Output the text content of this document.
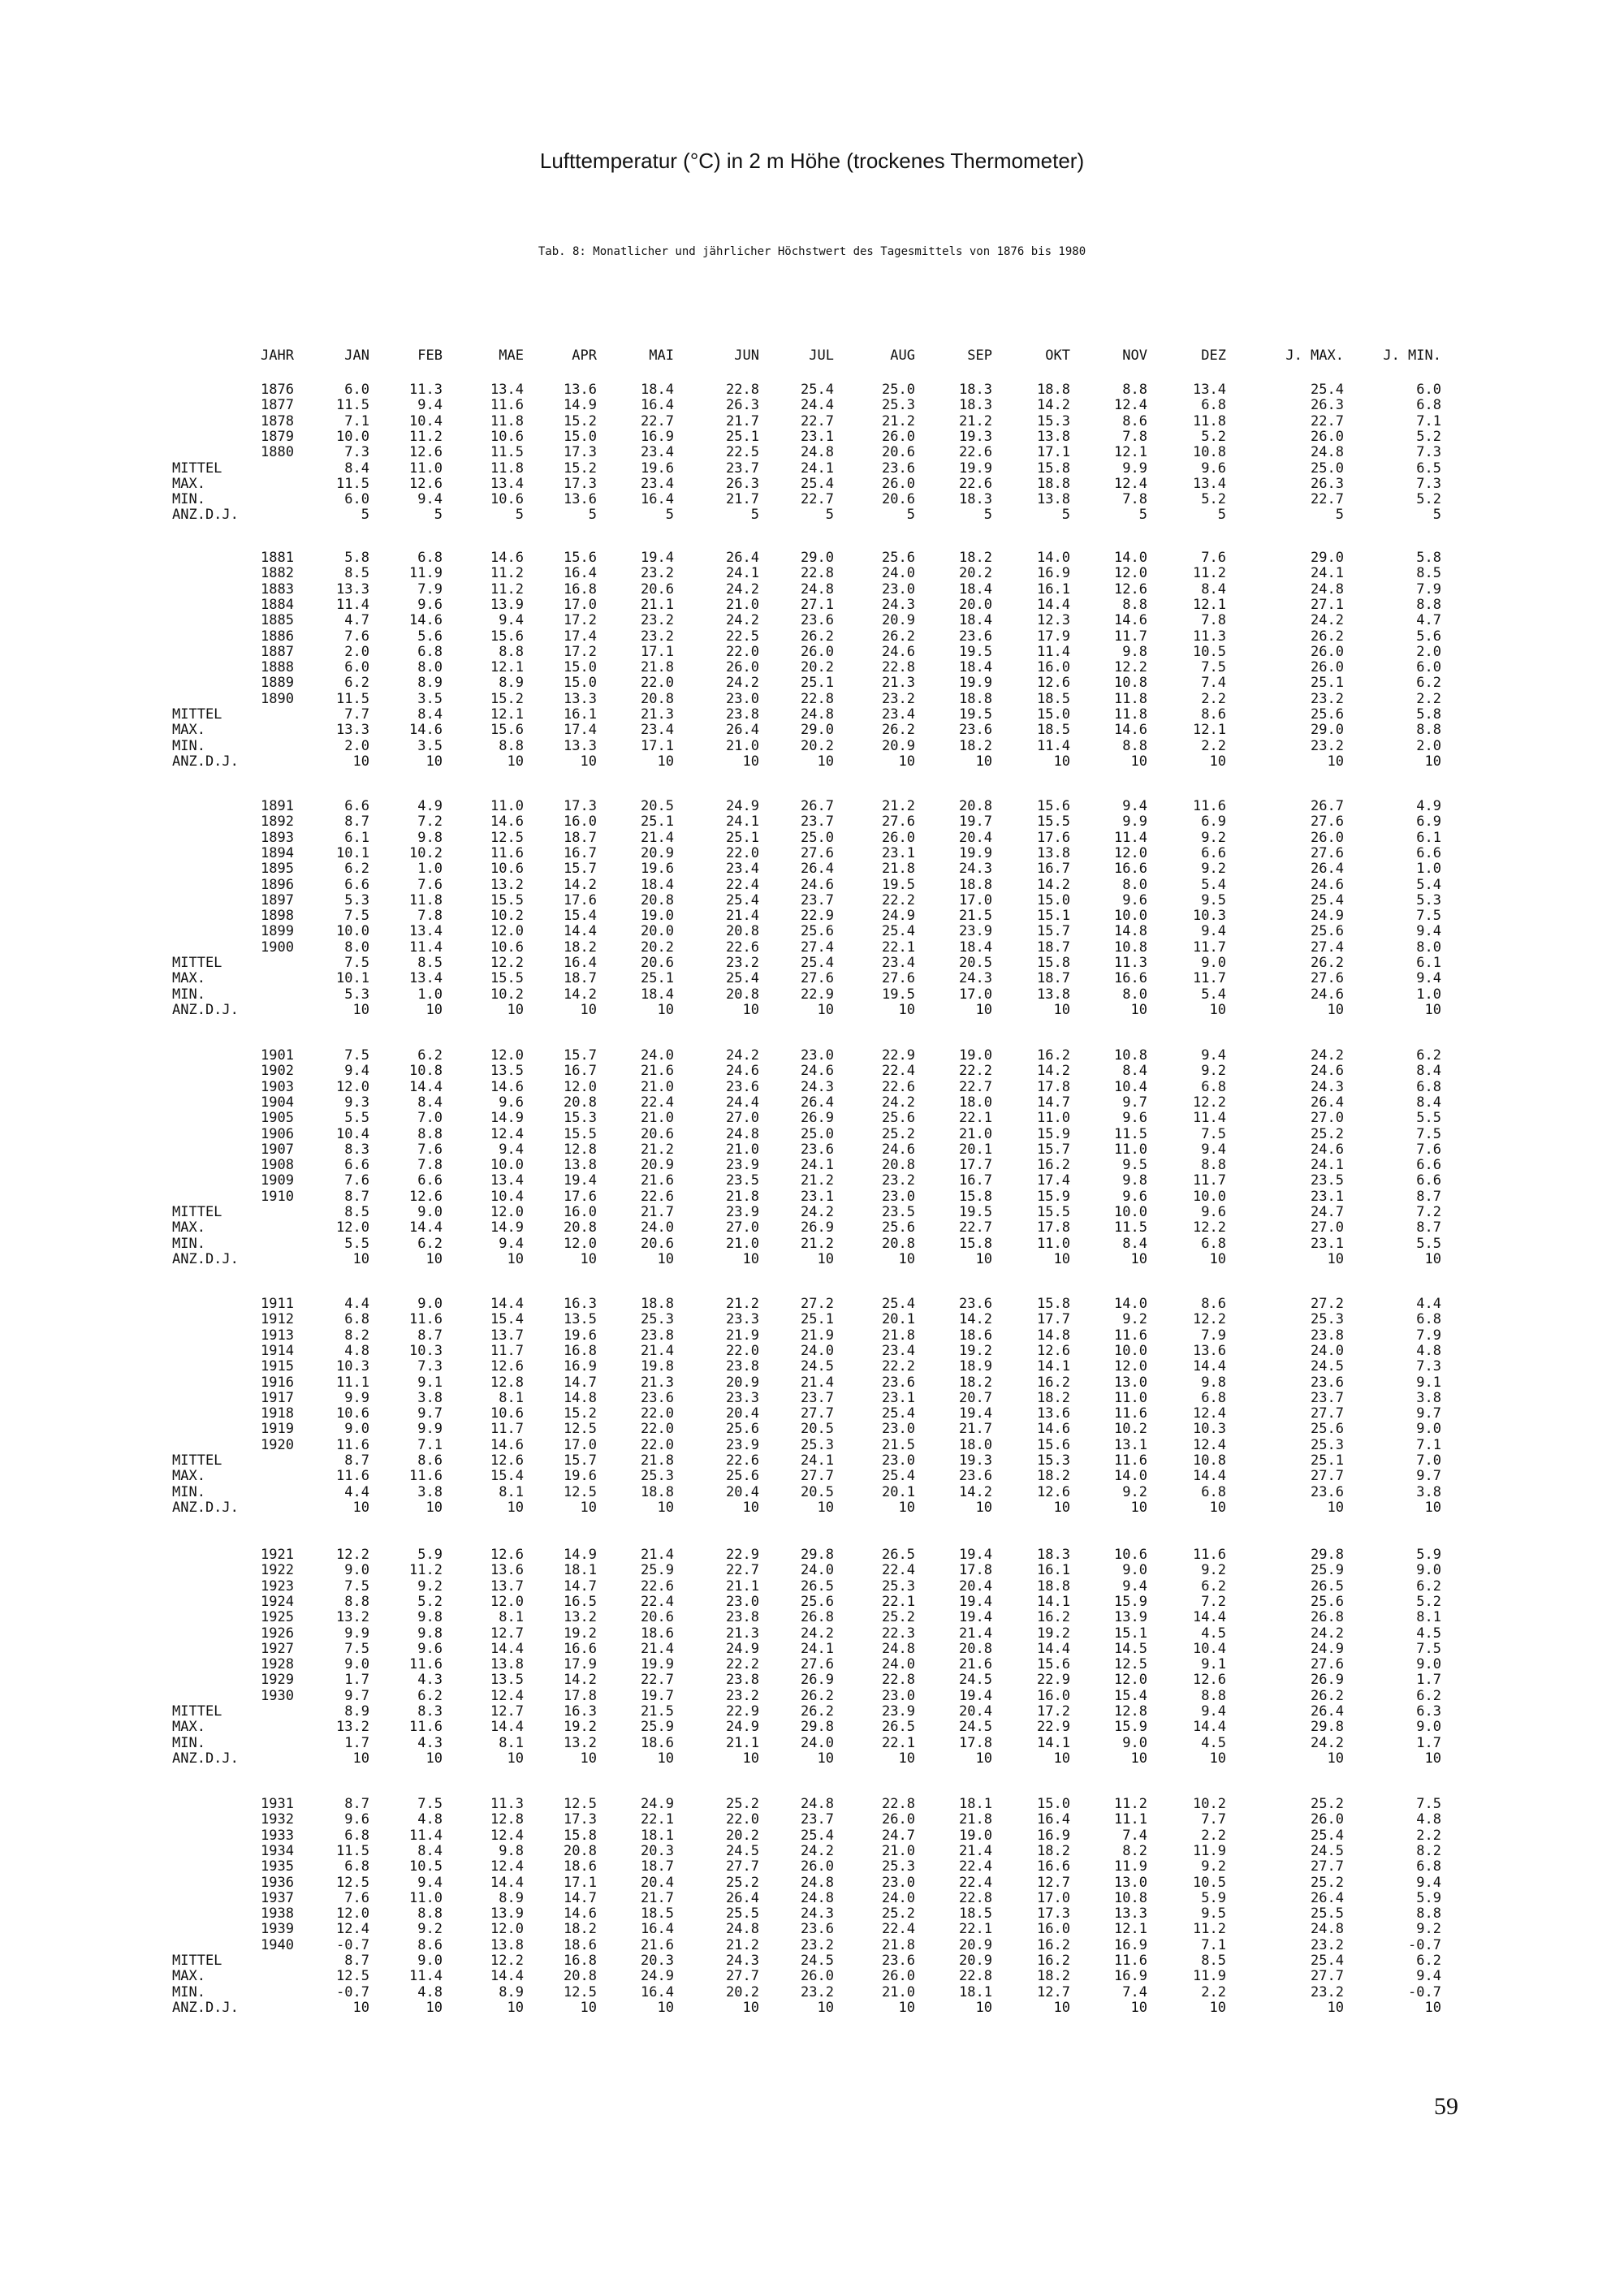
Lufttemperatur (°C) in 2 m Höhe (trockenes Thermometer)
Tab. 8: Monatlicher und jährlicher Höchstwert des Tagesmittels von 1876 bis 1980
JAHR	JAN	FEB	MAE	APR	MAI	JUN	JUL	AUG	SEP	OKT	NOV	DEZ	J. MAX.	J. MIN.
1876	6.0	11.3	13.4	13.6	18.4	22.8	25.4	25.0	18.3	18.8	8.8	13.4	25.4	6.0
1877	11.5	9.4	11.6	14.9	16.4	26.3	24.4	25.3	18.3	14.2	12.4	6.8	26.3	6.8
1878	7.1	10.4	11.8	15.2	22.7	21.7	22.7	21.2	21.2	15.3	8.6	11.8	22.7	7.1
1879	10.0	11.2	10.6	15.0	16.9	25.1	23.1	26.0	19.3	13.8	7.8	5.2	26.0	5.2
1880	7.3	12.6	11.5	17.3	23.4	22.5	24.8	20.6	22.6	17.1	12.1	10.8	24.8	7.3
MITTEL	8.4	11.0	11.8	15.2	19.6	23.7	24.1	23.6	19.9	15.8	9.9	9.6	25.0	6.5
MAX.	11.5	12.6	13.4	17.3	23.4	26.3	25.4	26.0	22.6	18.8	12.4	13.4	26.3	7.3
MIN.	6.0	9.4	10.6	13.6	16.4	21.7	22.7	20.6	18.3	13.8	7.8	5.2	22.7	5.2
ANZ.D.J.	5	5	5	5	5	5	5	5	5	5	5	5	5	5
1881	5.8	6.8	14.6	15.6	19.4	26.4	29.0	25.6	18.2	14.0	14.0	7.6	29.0	5.8
1882	8.5	11.9	11.2	16.4	23.2	24.1	22.8	24.0	20.2	16.9	12.0	11.2	24.1	8.5
1883	13.3	7.9	11.2	16.8	20.6	24.2	24.8	23.0	18.4	16.1	12.6	8.4	24.8	7.9
1884	11.4	9.6	13.9	17.0	21.1	21.0	27.1	24.3	20.0	14.4	8.8	12.1	27.1	8.8
1885	4.7	14.6	9.4	17.2	23.2	24.2	23.6	20.9	18.4	12.3	14.6	7.8	24.2	4.7
1886	7.6	5.6	15.6	17.4	23.2	22.5	26.2	26.2	23.6	17.9	11.7	11.3	26.2	5.6
1887	2.0	6.8	8.8	17.2	17.1	22.0	26.0	24.6	19.5	11.4	9.8	10.5	26.0	2.0
1888	6.0	8.0	12.1	15.0	21.8	26.0	20.2	22.8	18.4	16.0	12.2	7.5	26.0	6.0
1889	6.2	8.9	8.9	15.0	22.0	24.2	25.1	21.3	19.9	12.6	10.8	7.4	25.1	6.2
1890	11.5	3.5	15.2	13.3	20.8	23.0	22.8	23.2	18.8	18.5	11.8	2.2	23.2	2.2
MITTEL	7.7	8.4	12.1	16.1	21.3	23.8	24.8	23.4	19.5	15.0	11.8	8.6	25.6	5.8
MAX.	13.3	14.6	15.6	17.4	23.4	26.4	29.0	26.2	23.6	18.5	14.6	12.1	29.0	8.8
MIN.	2.0	3.5	8.8	13.3	17.1	21.0	20.2	20.9	18.2	11.4	8.8	2.2	23.2	2.0
ANZ.D.J.	10	10	10	10	10	10	10	10	10	10	10	10	10	10
1891	6.6	4.9	11.0	17.3	20.5	24.9	26.7	21.2	20.8	15.6	9.4	11.6	26.7	4.9
1892	8.7	7.2	14.6	16.0	25.1	24.1	23.7	27.6	19.7	15.5	9.9	6.9	27.6	6.9
1893	6.1	9.8	12.5	18.7	21.4	25.1	25.0	26.0	20.4	17.6	11.4	9.2	26.0	6.1
1894	10.1	10.2	11.6	16.7	20.9	22.0	27.6	23.1	19.9	13.8	12.0	6.6	27.6	6.6
1895	6.2	1.0	10.6	15.7	19.6	23.4	26.4	21.8	24.3	16.7	16.6	9.2	26.4	1.0
1896	6.6	7.6	13.2	14.2	18.4	22.4	24.6	19.5	18.8	14.2	8.0	5.4	24.6	5.4
1897	5.3	11.8	15.5	17.6	20.8	25.4	23.7	22.2	17.0	15.0	9.6	9.5	25.4	5.3
1898	7.5	7.8	10.2	15.4	19.0	21.4	22.9	24.9	21.5	15.1	10.0	10.3	24.9	7.5
1899	10.0	13.4	12.0	14.4	20.0	20.8	25.6	25.4	23.9	15.7	14.8	9.4	25.6	9.4
1900	8.0	11.4	10.6	18.2	20.2	22.6	27.4	22.1	18.4	18.7	10.8	11.7	27.4	8.0
MITTEL	7.5	8.5	12.2	16.4	20.6	23.2	25.4	23.4	20.5	15.8	11.3	9.0	26.2	6.1
MAX.	10.1	13.4	15.5	18.7	25.1	25.4	27.6	27.6	24.3	18.7	16.6	11.7	27.6	9.4
MIN.	5.3	1.0	10.2	14.2	18.4	20.8	22.9	19.5	17.0	13.8	8.0	5.4	24.6	1.0
ANZ.D.J.	10	10	10	10	10	10	10	10	10	10	10	10	10	10
1901	7.5	6.2	12.0	15.7	24.0	24.2	23.0	22.9	19.0	16.2	10.8	9.4	24.2	6.2
1902	9.4	10.8	13.5	16.7	21.6	24.6	24.6	22.4	22.2	14.2	8.4	9.2	24.6	8.4
1903	12.0	14.4	14.6	12.0	21.0	23.6	24.3	22.6	22.7	17.8	10.4	6.8	24.3	6.8
1904	9.3	8.4	9.6	20.8	22.4	24.4	26.4	24.2	18.0	14.7	9.7	12.2	26.4	8.4
1905	5.5	7.0	14.9	15.3	21.0	27.0	26.9	25.6	22.1	11.0	9.6	11.4	27.0	5.5
1906	10.4	8.8	12.4	15.5	20.6	24.8	25.0	25.2	21.0	15.9	11.5	7.5	25.2	7.5
1907	8.3	7.6	9.4	12.8	21.2	21.0	23.6	24.6	20.1	15.7	11.0	9.4	24.6	7.6
1908	6.6	7.8	10.0	13.8	20.9	23.9	24.1	20.8	17.7	16.2	9.5	8.8	24.1	6.6
1909	7.6	6.6	13.4	19.4	21.6	23.5	21.2	23.2	16.7	17.4	9.8	11.7	23.5	6.6
1910	8.7	12.6	10.4	17.6	22.6	21.8	23.1	23.0	15.8	15.9	9.6	10.0	23.1	8.7
MITTEL	8.5	9.0	12.0	16.0	21.7	23.9	24.2	23.5	19.5	15.5	10.0	9.6	24.7	7.2
MAX.	12.0	14.4	14.9	20.8	24.0	27.0	26.9	25.6	22.7	17.8	11.5	12.2	27.0	8.7
MIN.	5.5	6.2	9.4	12.0	20.6	21.0	21.2	20.8	15.8	11.0	8.4	6.8	23.1	5.5
ANZ.D.J.	10	10	10	10	10	10	10	10	10	10	10	10	10	10
1911	4.4	9.0	14.4	16.3	18.8	21.2	27.2	25.4	23.6	15.8	14.0	8.6	27.2	4.4
1912	6.8	11.6	15.4	13.5	25.3	23.3	25.1	20.1	14.2	17.7	9.2	12.2	25.3	6.8
1913	8.2	8.7	13.7	19.6	23.8	21.9	21.9	21.8	18.6	14.8	11.6	7.9	23.8	7.9
1914	4.8	10.3	11.7	16.8	21.4	22.0	24.0	23.4	19.2	12.6	10.0	13.6	24.0	4.8
1915	10.3	7.3	12.6	16.9	19.8	23.8	24.5	22.2	18.9	14.1	12.0	14.4	24.5	7.3
1916	11.1	9.1	12.8	14.7	21.3	20.9	21.4	23.6	18.2	16.2	13.0	9.8	23.6	9.1
1917	9.9	3.8	8.1	14.8	23.6	23.3	23.7	23.1	20.7	18.2	11.0	6.8	23.7	3.8
1918	10.6	9.7	10.6	15.2	22.0	20.4	27.7	25.4	19.4	13.6	11.6	12.4	27.7	9.7
1919	9.0	9.9	11.7	12.5	22.0	25.6	20.5	23.0	21.7	14.6	10.2	10.3	25.6	9.0
1920	11.6	7.1	14.6	17.0	22.0	23.9	25.3	21.5	18.0	15.6	13.1	12.4	25.3	7.1
MITTEL	8.7	8.6	12.6	15.7	21.8	22.6	24.1	23.0	19.3	15.3	11.6	10.8	25.1	7.0
MAX.	11.6	11.6	15.4	19.6	25.3	25.6	27.7	25.4	23.6	18.2	14.0	14.4	27.7	9.7
MIN.	4.4	3.8	8.1	12.5	18.8	20.4	20.5	20.1	14.2	12.6	9.2	6.8	23.6	3.8
ANZ.D.J.	10	10	10	10	10	10	10	10	10	10	10	10	10	10
1921	12.2	5.9	12.6	14.9	21.4	22.9	29.8	26.5	19.4	18.3	10.6	11.6	29.8	5.9
1922	9.0	11.2	13.6	18.1	25.9	22.7	24.0	22.4	17.8	16.1	9.0	9.2	25.9	9.0
1923	7.5	9.2	13.7	14.7	22.6	21.1	26.5	25.3	20.4	18.8	9.4	6.2	26.5	6.2
1924	8.8	5.2	12.0	16.5	22.4	23.0	25.6	22.1	19.4	14.1	15.9	7.2	25.6	5.2
1925	13.2	9.8	8.1	13.2	20.6	23.8	26.8	25.2	19.4	16.2	13.9	14.4	26.8	8.1
1926	9.9	9.8	12.7	19.2	18.6	21.3	24.2	22.3	21.4	19.2	15.1	4.5	24.2	4.5
1927	7.5	9.6	14.4	16.6	21.4	24.9	24.1	24.8	20.8	14.4	14.5	10.4	24.9	7.5
1928	9.0	11.6	13.8	17.9	19.9	22.2	27.6	24.0	21.6	15.6	12.5	9.1	27.6	9.0
1929	1.7	4.3	13.5	14.2	22.7	23.8	26.9	22.8	24.5	22.9	12.0	12.6	26.9	1.7
1930	9.7	6.2	12.4	17.8	19.7	23.2	26.2	23.0	19.4	16.0	15.4	8.8	26.2	6.2
MITTEL	8.9	8.3	12.7	16.3	21.5	22.9	26.2	23.9	20.4	17.2	12.8	9.4	26.4	6.3
MAX.	13.2	11.6	14.4	19.2	25.9	24.9	29.8	26.5	24.5	22.9	15.9	14.4	29.8	9.0
MIN.	1.7	4.3	8.1	13.2	18.6	21.1	24.0	22.1	17.8	14.1	9.0	4.5	24.2	1.7
ANZ.D.J.	10	10	10	10	10	10	10	10	10	10	10	10	10	10
1931	8.7	7.5	11.3	12.5	24.9	25.2	24.8	22.8	18.1	15.0	11.2	10.2	25.2	7.5
1932	9.6	4.8	12.8	17.3	22.1	22.0	23.7	26.0	21.8	16.4	11.1	7.7	26.0	4.8
1933	6.8	11.4	12.4	15.8	18.1	20.2	25.4	24.7	19.0	16.9	7.4	2.2	25.4	2.2
1934	11.5	8.4	9.8	20.8	20.3	24.5	24.2	21.0	21.4	18.2	8.2	11.9	24.5	8.2
1935	6.8	10.5	12.4	18.6	18.7	27.7	26.0	25.3	22.4	16.6	11.9	9.2	27.7	6.8
1936	12.5	9.4	14.4	17.1	20.4	25.2	24.8	23.0	22.4	12.7	13.0	10.5	25.2	9.4
1937	7.6	11.0	8.9	14.7	21.7	26.4	24.8	24.0	22.8	17.0	10.8	5.9	26.4	5.9
1938	12.0	8.8	13.9	14.6	18.5	25.5	24.3	25.2	18.5	17.3	13.3	9.5	25.5	8.8
1939	12.4	9.2	12.0	18.2	16.4	24.8	23.6	22.4	22.1	16.0	12.1	11.2	24.8	9.2
1940	-0.7	8.6	13.8	18.6	21.6	21.2	23.2	21.8	20.9	16.2	16.9	7.1	23.2	-0.7
MITTEL	8.7	9.0	12.2	16.8	20.3	24.3	24.5	23.6	20.9	16.2	11.6	8.5	25.4	6.2
MAX.	12.5	11.4	14.4	20.8	24.9	27.7	26.0	26.0	22.8	18.2	16.9	11.9	27.7	9.4
MIN.	-0.7	4.8	8.9	12.5	16.4	20.2	23.2	21.0	18.1	12.7	7.4	2.2	23.2	-0.7
ANZ.D.J.	10	10	10	10	10	10	10	10	10	10	10	10	10	10
59
